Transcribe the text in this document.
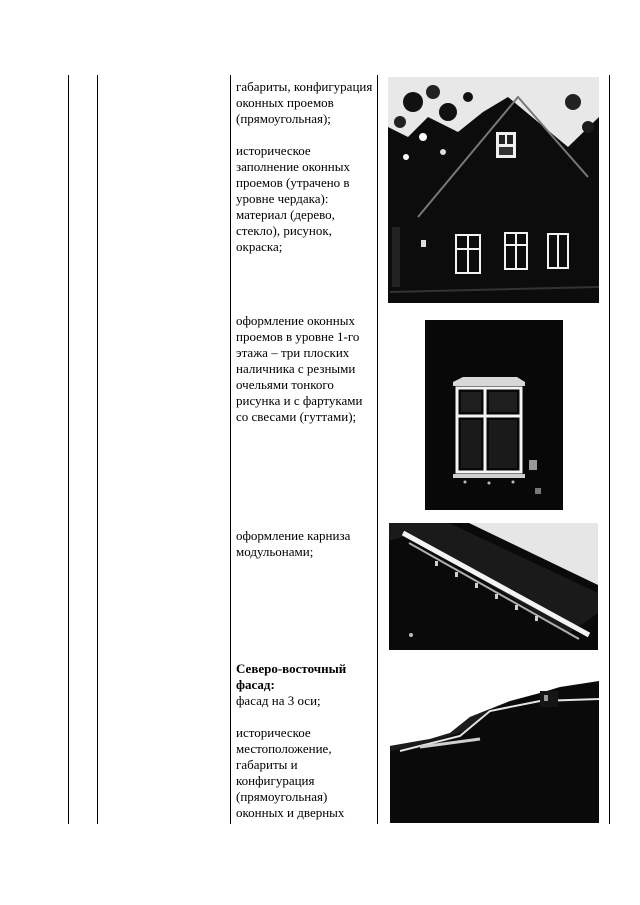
габариты, конфигурация оконных проемов (прямоугольная);

историческое заполнение оконных проемов (утрачено в уровне чердака): материал (дерево, стекло), рисунок, окраска;

оформление оконных проемов в уровне 1-го этажа – три плоских наличника с резными очельями тонкого рисунка и с фартуками со свесами (гуттами);

оформление карниза модульонами;

Северо-восточный фасад:

фасад на 3 оси;

историческое местоположение, габариты и конфигурация (прямоугольная) оконных и дверных
